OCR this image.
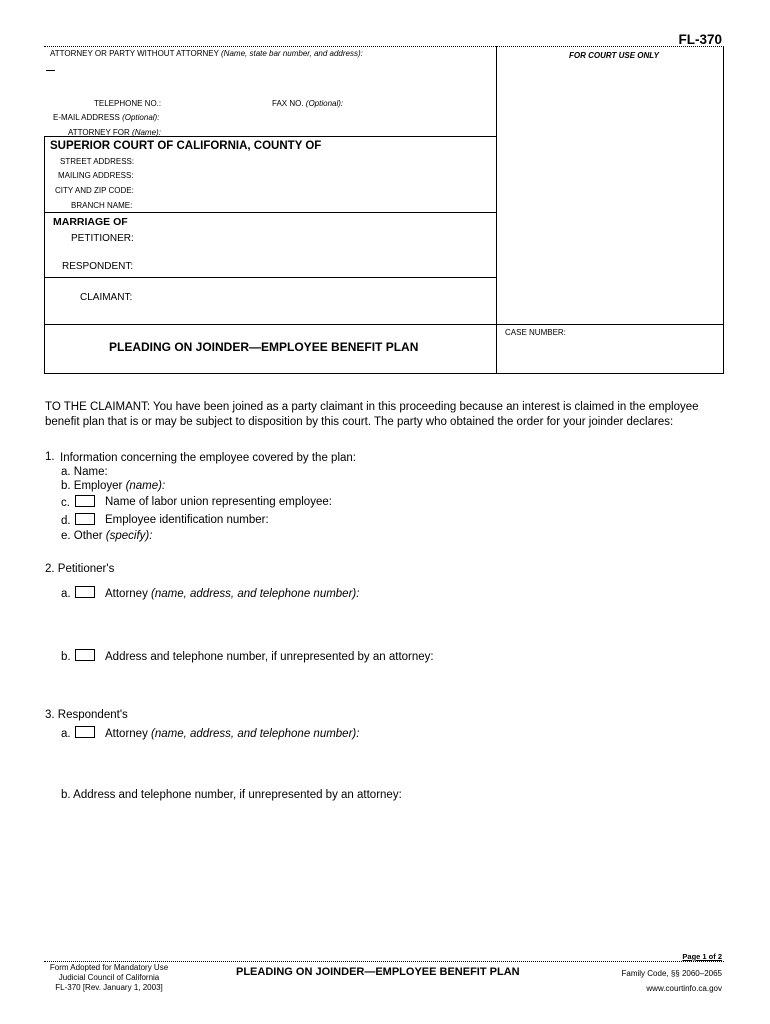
FL-370
ATTORNEY OR PARTY WITHOUT ATTORNEY (Name, state bar number, and address):	FOR COURT USE ONLY
TELEPHONE NO.:	FAX NO. (Optional):
E-MAIL ADDRESS (Optional):
ATTORNEY FOR (Name):
SUPERIOR COURT OF CALIFORNIA, COUNTY OF
STREET ADDRESS:
MAILING ADDRESS:
CITY AND ZIP CODE:
BRANCH NAME:
MARRIAGE OF
PETITIONER:
RESPONDENT:
CLAIMANT:
PLEADING ON JOINDER—EMPLOYEE BENEFIT PLAN
CASE NUMBER:
TO THE CLAIMANT: You have been joined as a party claimant in this proceeding because an interest is claimed in the employee
benefit plan that is or may be subject to disposition by this court. The party who obtained the order for your joinder declares:
1. Information concerning the employee covered by the plan:
a. Name:
b. Employer (name):
c.	Name of labor union representing employee:
d.	Employee identification number:
e. Other (specify):
2. Petitioner's
a.	Attorney (name, address, and telephone number):
b.	Address and telephone number, if unrepresented by an attorney:
3. Respondent's
a.	Attorney (name, address, and telephone number):
b. Address and telephone number, if unrepresented by an attorney:
Page 1 of 2
Form Adopted for Mandatory Use
Judicial Council of California
FL-370 [Rev. January 1, 2003]
PLEADING ON JOINDER—EMPLOYEE BENEFIT PLAN	Family Code, §§ 2060–2065
www.courtinfo.ca.gov
